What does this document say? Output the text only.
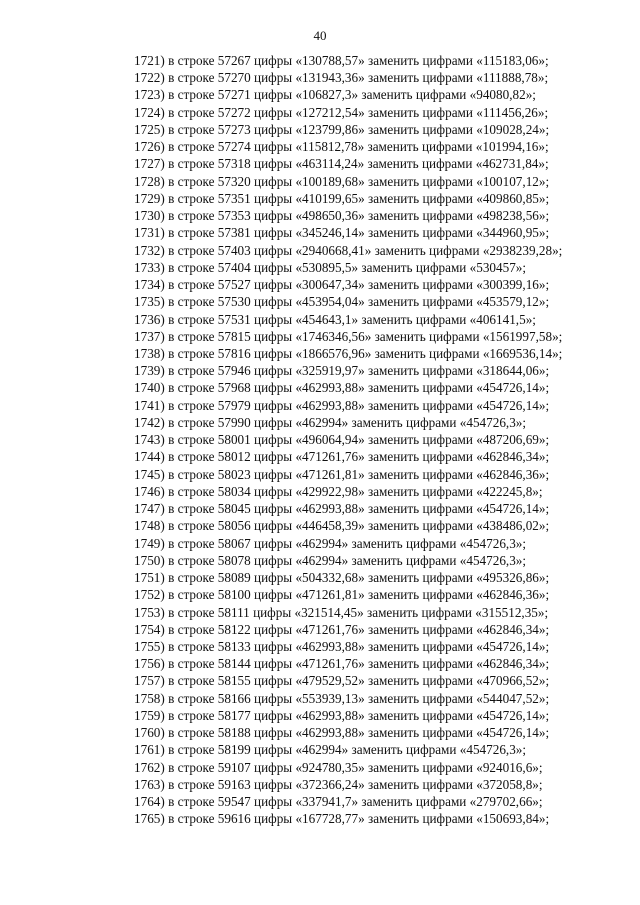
40
1721) в строке 57267 цифры «130788,57» заменить цифрами «115183,06»;
1722) в строке 57270 цифры «131943,36» заменить цифрами «111888,78»;
1723) в строке 57271 цифры «106827,3» заменить цифрами «94080,82»;
1724) в строке 57272 цифры «127212,54» заменить цифрами «111456,26»;
1725) в строке 57273 цифры «123799,86» заменить цифрами «109028,24»;
1726) в строке 57274 цифры «115812,78» заменить цифрами «101994,16»;
1727) в строке 57318 цифры «463114,24» заменить цифрами «462731,84»;
1728) в строке 57320 цифры «100189,68» заменить цифрами «100107,12»;
1729) в строке 57351 цифры «410199,65» заменить цифрами «409860,85»;
1730) в строке 57353 цифры «498650,36» заменить цифрами «498238,56»;
1731) в строке 57381 цифры «345246,14» заменить цифрами «344960,95»;
1732) в строке 57403 цифры «2940668,41» заменить цифрами «2938239,28»;
1733) в строке 57404 цифры «530895,5» заменить цифрами «530457»;
1734) в строке 57527 цифры «300647,34» заменить цифрами «300399,16»;
1735) в строке 57530 цифры «453954,04» заменить цифрами «453579,12»;
1736) в строке 57531 цифры «454643,1» заменить цифрами «406141,5»;
1737) в строке 57815 цифры «1746346,56» заменить цифрами «1561997,58»;
1738) в строке 57816 цифры «1866576,96» заменить цифрами «1669536,14»;
1739) в строке 57946 цифры «325919,97» заменить цифрами «318644,06»;
1740) в строке 57968 цифры «462993,88» заменить цифрами «454726,14»;
1741) в строке 57979 цифры «462993,88» заменить цифрами «454726,14»;
1742) в строке 57990 цифры «462994» заменить цифрами «454726,3»;
1743) в строке 58001 цифры «496064,94» заменить цифрами «487206,69»;
1744) в строке 58012 цифры «471261,76» заменить цифрами «462846,34»;
1745) в строке 58023 цифры «471261,81» заменить цифрами «462846,36»;
1746) в строке 58034 цифры «429922,98» заменить цифрами «422245,8»;
1747) в строке 58045 цифры «462993,88» заменить цифрами «454726,14»;
1748) в строке 58056 цифры «446458,39» заменить цифрами «438486,02»;
1749) в строке 58067 цифры «462994» заменить цифрами «454726,3»;
1750) в строке 58078 цифры «462994» заменить цифрами «454726,3»;
1751) в строке 58089 цифры «504332,68» заменить цифрами «495326,86»;
1752) в строке 58100 цифры «471261,81» заменить цифрами «462846,36»;
1753) в строке 58111 цифры «321514,45» заменить цифрами «315512,35»;
1754) в строке 58122 цифры «471261,76» заменить цифрами «462846,34»;
1755) в строке 58133 цифры «462993,88» заменить цифрами «454726,14»;
1756) в строке 58144 цифры «471261,76» заменить цифрами «462846,34»;
1757) в строке 58155 цифры «479529,52» заменить цифрами «470966,52»;
1758) в строке 58166 цифры «553939,13» заменить цифрами «544047,52»;
1759) в строке 58177 цифры «462993,88» заменить цифрами «454726,14»;
1760) в строке 58188 цифры «462993,88» заменить цифрами «454726,14»;
1761) в строке 58199 цифры «462994» заменить цифрами «454726,3»;
1762) в строке 59107 цифры «924780,35» заменить цифрами «924016,6»;
1763) в строке 59163 цифры «372366,24» заменить цифрами «372058,8»;
1764) в строке 59547 цифры «337941,7» заменить цифрами «279702,66»;
1765) в строке 59616 цифры «167728,77» заменить цифрами «150693,84»;
